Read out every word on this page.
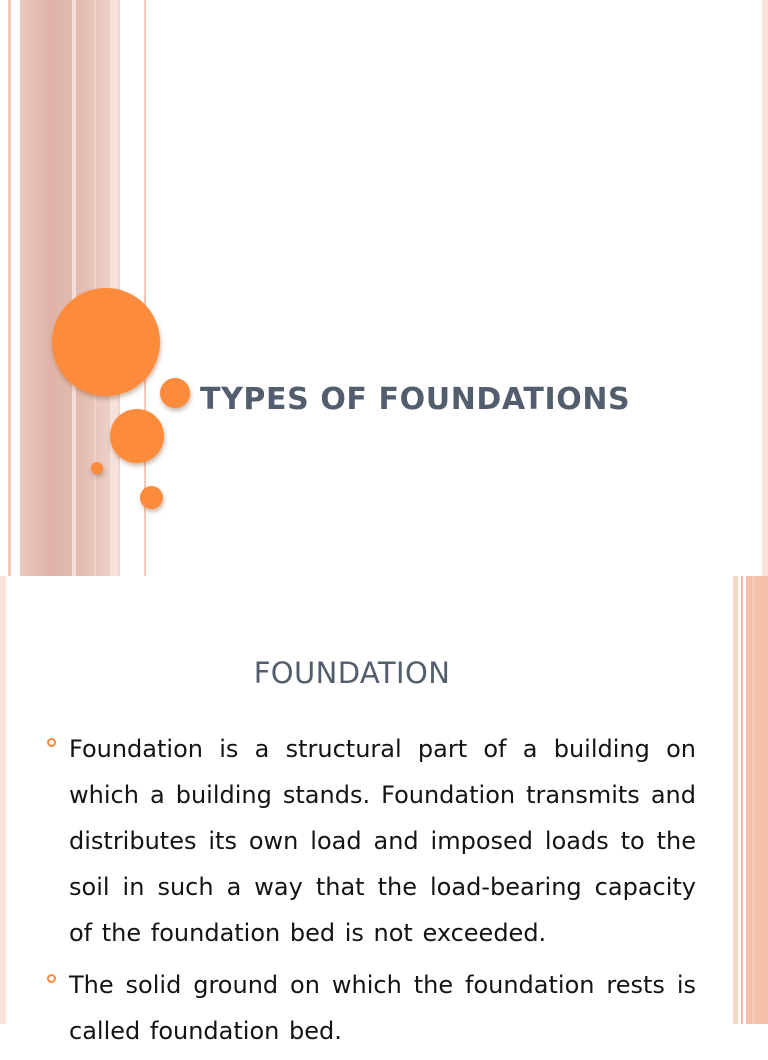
TYPES OF FOUNDATIONS
FOUNDATION
Foundation is a structural part of a building on which a building stands. Foundation transmits and distributes its own load and imposed loads to the soil in such a way that the load-bearing capacity of the foundation bed is not exceeded.
The solid ground on which the foundation rests is called foundation bed.
